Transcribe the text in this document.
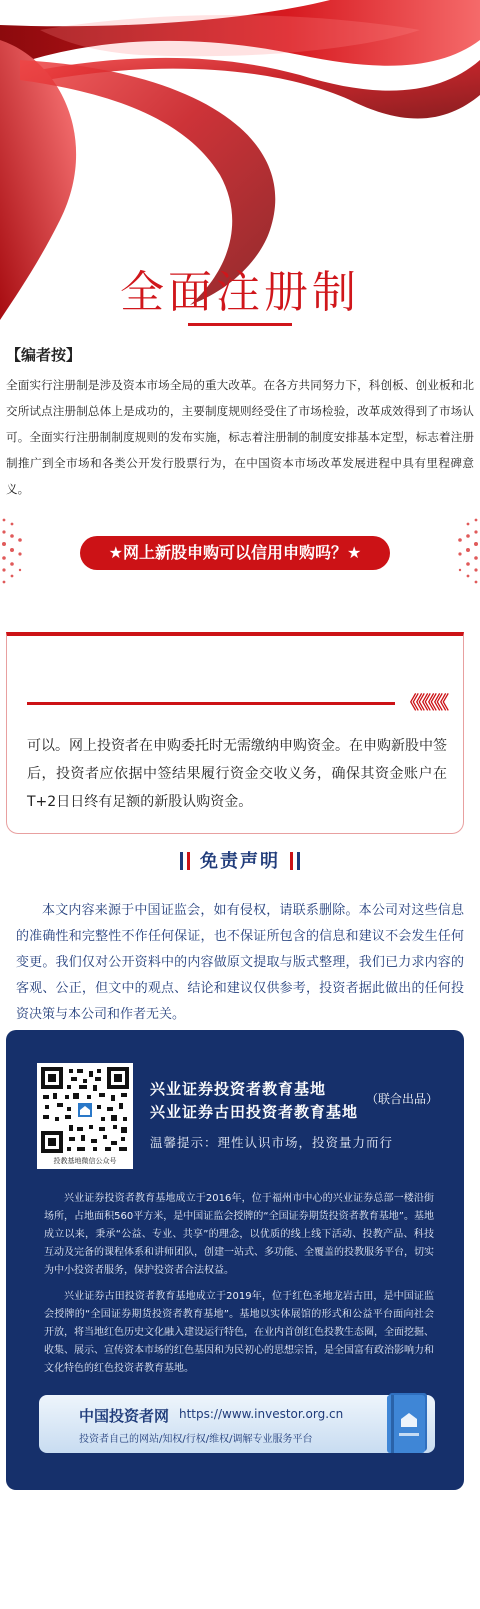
全面注册制
【编者按】
全面实行注册制是涉及资本市场全局的重大改革。在各方共同努力下，科创板、创业板和北交所试点注册制总体上是成功的，主要制度规则经受住了市场检验，改革成效得到了市场认可。全面实行注册制制度规则的发布实施，标志着注册制的制度安排基本定型，标志着注册制推广到全市场和各类公开发行股票行为，在中国资本市场改革发展进程中具有里程碑意义。
★网上新股申购可以信用申购吗？★
《《《《《《
可以。网上投资者在申购委托时无需缴纳申购资金。在申购新股中签后，投资者应依据中签结果履行资金交收义务，确保其资金账户在T+2日日终有足额的新股认购资金。
免责声明
本文内容来源于中国证监会，如有侵权，请联系删除。本公司对这些信息的准确性和完整性不作任何保证，也不保证所包含的信息和建议不会发生任何变更。我们仅对公开资料中的内容做原文提取与版式整理，我们已力求内容的客观、公正，但文中的观点、结论和建议仅供参考，投资者据此做出的任何投资决策与本公司和作者无关。
投教基地微信公众号
兴业证券投资者教育基地
兴业证券古田投资者教育基地
（联合出品）
温馨提示：理性认识市场，投资量力而行
兴业证券投资者教育基地成立于2016年，位于福州市中心的兴业证券总部一楼沿街场所，占地面积560平方米，是中国证监会授牌的“全国证券期货投资者教育基地”。基地成立以来，秉承“公益、专业、共享”的理念，以优质的线上线下活动、投教产品、科技互动及完备的课程体系和讲师团队，创建一站式、多功能、全覆盖的投教服务平台，切实为中小投资者服务，保护投资者合法权益。
兴业证券古田投资者教育基地成立于2019年，位于红色圣地龙岩古田，是中国证监会授牌的“全国证券期货投资者教育基地”。基地以实体展馆的形式和公益平台面向社会开放，将当地红色历史文化融入建设运行特色，在业内首创红色投教生态圈，全面挖掘、收集、展示、宣传资本市场的红色基因和为民初心的思想宗旨，是全国富有政治影响力和文化特色的红色投资者教育基地。
中国投资者网 https://www.investor.org.cn
投资者自己的网站/知权/行权/维权/调解专业服务平台
